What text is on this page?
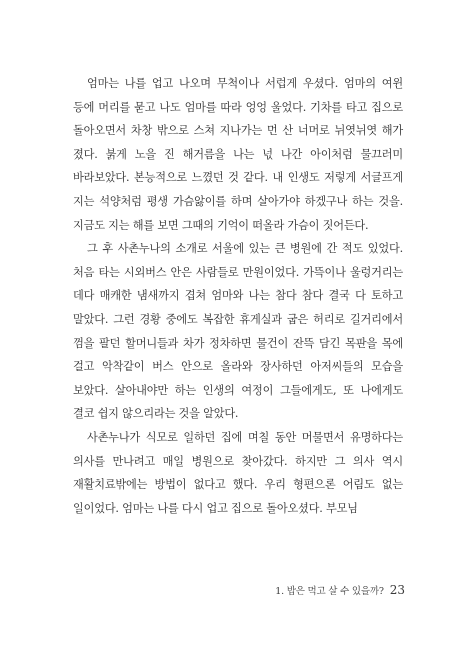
엄마는 나를 업고 나오며 무척이나 서럽게 우셨다. 엄마의 여윈 등에 머리를 묻고 나도 엄마를 따라 엉엉 울었다. 기차를 타고 집으로 돌아오면서 차창 밖으로 스쳐 지나가는 먼 산 너머로 뉘엿뉘엿 해가 졌다. 붉게 노을 진 해거름을 나는 넋 나간 아이처럼 물끄러미 바라보았다. 본능적으로 느꼈던 것 같다. 내 인생도 저렇게 서글프게 지는 석양처럼 평생 가슴앓이를 하며 살아가야 하겠구나 하는 것을. 지금도 지는 해를 보면 그때의 기억이 떠올라 가슴이 짓어든다.

그 후 사촌누나의 소개로 서울에 있는 큰 병원에 간 적도 있었다. 처음 타는 시외버스 안은 사람들로 만원이었다. 가뜩이나 울렁거리는 데다 매캐한 냄새까지 겹쳐 엄마와 나는 참다 참다 결국 다 토하고 말았다. 그런 경황 중에도 복잡한 휴게실과 굽은 허리로 길거리에서 껌을 팔던 할머니들과 차가 정차하면 물건이 잔뜩 담긴 목판을 목에 걸고 악착같이 버스 안으로 올라와 장사하던 아저씨들의 모습을 보았다. 살아내야만 하는 인생의 여정이 그들에게도, 또 나에게도 결코 쉽지 않으리라는 것을 알았다.

사촌누나가 식모로 일하던 집에 며칠 동안 머물면서 유명하다는 의사를 만나려고 매일 병원으로 찾아갔다. 하지만 그 의사 역시 재활치료밖에는 방법이 없다고 했다. 우리 형편으론 어림도 없는 일이었다. 엄마는 나를 다시 업고 집으로 돌아오셨다. 부모님

1. 밥은 먹고 살 수 있을까? 23
